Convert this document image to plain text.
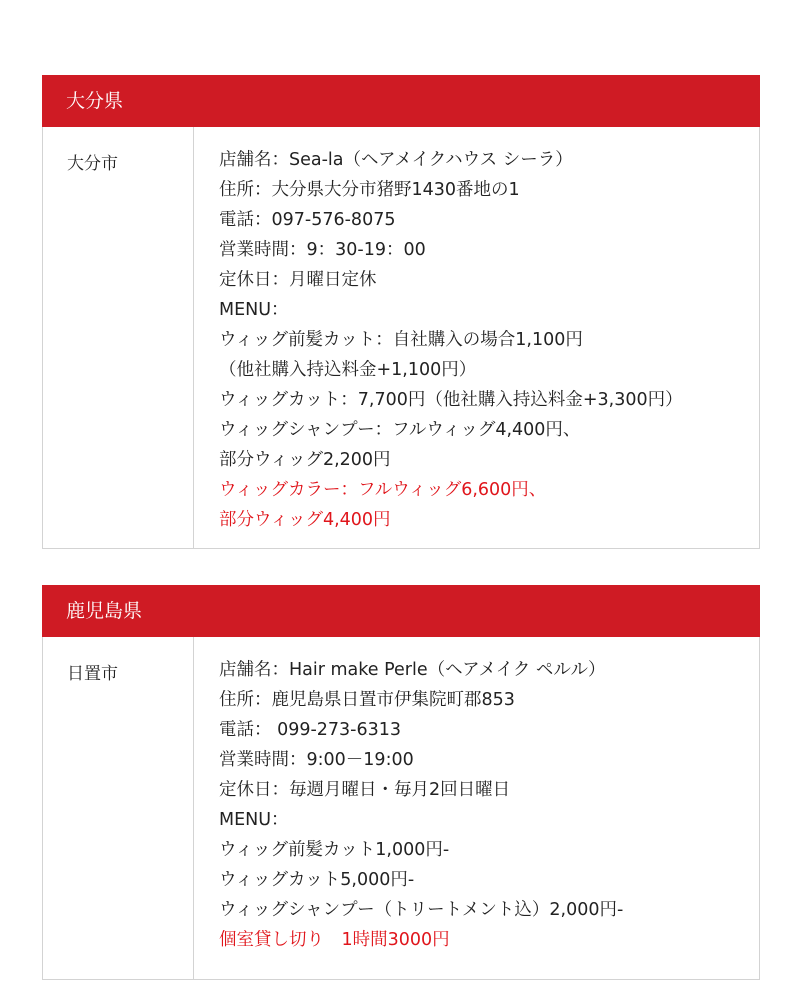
大分県
大分市	店舗名：Sea-la（ヘアメイクハウス シーラ）
住所：大分県大分市猪野1430番地の1
電話：097-576-8075
営業時間：9：30-19：00
定休日：月曜日定休
MENU：
ウィッグ前髪カット：自社購入の場合1,100円
（他社購入持込料金+1,100円）
ウィッグカット：7,700円（他社購入持込料金+3,300円）
ウィッグシャンプー：フルウィッグ4,400円、
部分ウィッグ2,200円
ウィッグカラー：フルウィッグ6,600円、
部分ウィッグ4,400円
鹿児島県
日置市	店舗名：Hair make Perle（ヘアメイク ペルル）
住所：鹿児島県日置市伊集院町郡853
電話： 099-273-6313
営業時間：9:00－19:00
定休日：毎週月曜日・毎月2回日曜日
MENU：
ウィッグ前髪カット1,000円-
ウィッグカット5,000円-
ウィッグシャンプー（トリートメント込）2,000円-
個室貸し切り　1時間3000円
